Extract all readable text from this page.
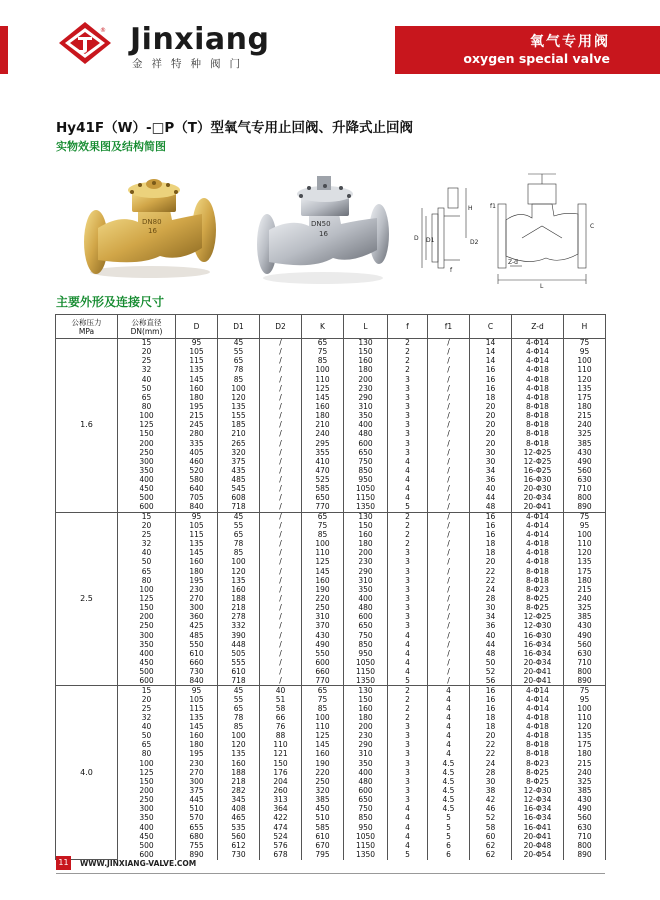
® Jinxiang
金祥特种阀门
氧气专用阀
oxygen special valve
Hy41F（W）-□P（T）型氧气专用止回阀、升降式止回阀
实物效果图及结构简图
DN80
16
DN50
16
D D1
H
f
D2
Z-d
L
f1
C
主要外形及连接尺寸
公称压力
MPa	公称直径
DN(mm)	D	D1	D2	K	L	f	f1	C	Z-d	H
1.6	15	95	45	/	65	130	2	/	14	4-Φ14	75
	20	105	55	/	75	150	2	/	14	4-Φ14	95
	25	115	65	/	85	160	2	/	14	4-Φ14	100
	32	135	78	/	100	180	2	/	16	4-Φ18	110
	40	145	85	/	110	200	3	/	16	4-Φ18	120
	50	160	100	/	125	230	3	/	16	4-Φ18	135
	65	180	120	/	145	290	3	/	18	4-Φ18	175
	80	195	135	/	160	310	3	/	20	8-Φ18	180
	100	215	155	/	180	350	3	/	20	8-Φ18	215
	125	245	185	/	210	400	3	/	20	8-Φ18	240
	150	280	210	/	240	480	3	/	20	8-Φ18	325
	200	335	265	/	295	600	3	/	20	8-Φ18	385
	250	405	320	/	355	650	3	/	30	12-Φ25	430
	300	460	375	/	410	750	4	/	30	12-Φ25	490
	350	520	435	/	470	850	4	/	34	16-Φ25	560
	400	580	485	/	525	950	4	/	36	16-Φ30	630
	450	640	545	/	585	1050	4	/	40	20-Φ30	710
	500	705	608	/	650	1150	4	/	44	20-Φ34	800
	600	840	718	/	770	1350	5	/	48	20-Φ41	890
2.5	15	95	45	/	65	130	2	/	16	4-Φ14	75
	20	105	55	/	75	150	2	/	16	4-Φ14	95
	25	115	65	/	85	160	2	/	16	4-Φ14	100
	32	135	78	/	100	180	2	/	18	4-Φ18	110
	40	145	85	/	110	200	3	/	18	4-Φ18	120
	50	160	100	/	125	230	3	/	20	4-Φ18	135
	65	180	120	/	145	290	3	/	22	8-Φ18	175
	80	195	135	/	160	310	3	/	22	8-Φ18	180
	100	230	160	/	190	350	3	/	24	8-Φ23	215
	125	270	188	/	220	400	3	/	28	8-Φ25	240
	150	300	218	/	250	480	3	/	30	8-Φ25	325
	200	360	278	/	310	600	3	/	34	12-Φ25	385
	250	425	332	/	370	650	3	/	36	12-Φ30	430
	300	485	390	/	430	750	4	/	40	16-Φ30	490
	350	550	448	/	490	850	4	/	44	16-Φ34	560
	400	610	505	/	550	950	4	/	48	16-Φ34	630
	450	660	555	/	600	1050	4	/	50	20-Φ34	710
	500	730	610	/	660	1150	4	/	52	20-Φ41	800
	600	840	718	/	770	1350	5	/	56	20-Φ41	890
4.0	15	95	45	40	65	130	2	4	16	4-Φ14	75
	20	105	55	51	75	150	2	4	16	4-Φ14	95
	25	115	65	58	85	160	2	4	16	4-Φ14	100
	32	135	78	66	100	180	2	4	18	4-Φ18	110
	40	145	85	76	110	200	3	4	18	4-Φ18	120
	50	160	100	88	125	230	3	4	20	4-Φ18	135
	65	180	120	110	145	290	3	4	22	8-Φ18	175
	80	195	135	121	160	310	3	4	22	8-Φ18	180
	100	230	160	150	190	350	3	4.5	24	8-Φ23	215
	125	270	188	176	220	400	3	4.5	28	8-Φ25	240
	150	300	218	204	250	480	3	4.5	30	8-Φ25	325
	200	375	282	260	320	600	3	4.5	38	12-Φ30	385
	250	445	345	313	385	650	3	4.5	42	12-Φ34	430
	300	510	408	364	450	750	4	4.5	46	16-Φ34	490
	350	570	465	422	510	850	4	5	52	16-Φ34	560
	400	655	535	474	585	950	4	5	58	16-Φ41	630
	450	680	560	524	610	1050	4	5	60	20-Φ41	710
	500	755	612	576	670	1150	4	6	62	20-Φ48	800
	600	890	730	678	795	1350	5	6	62	20-Φ54	890
11	WWW.JINXIANG-VALVE.COM
